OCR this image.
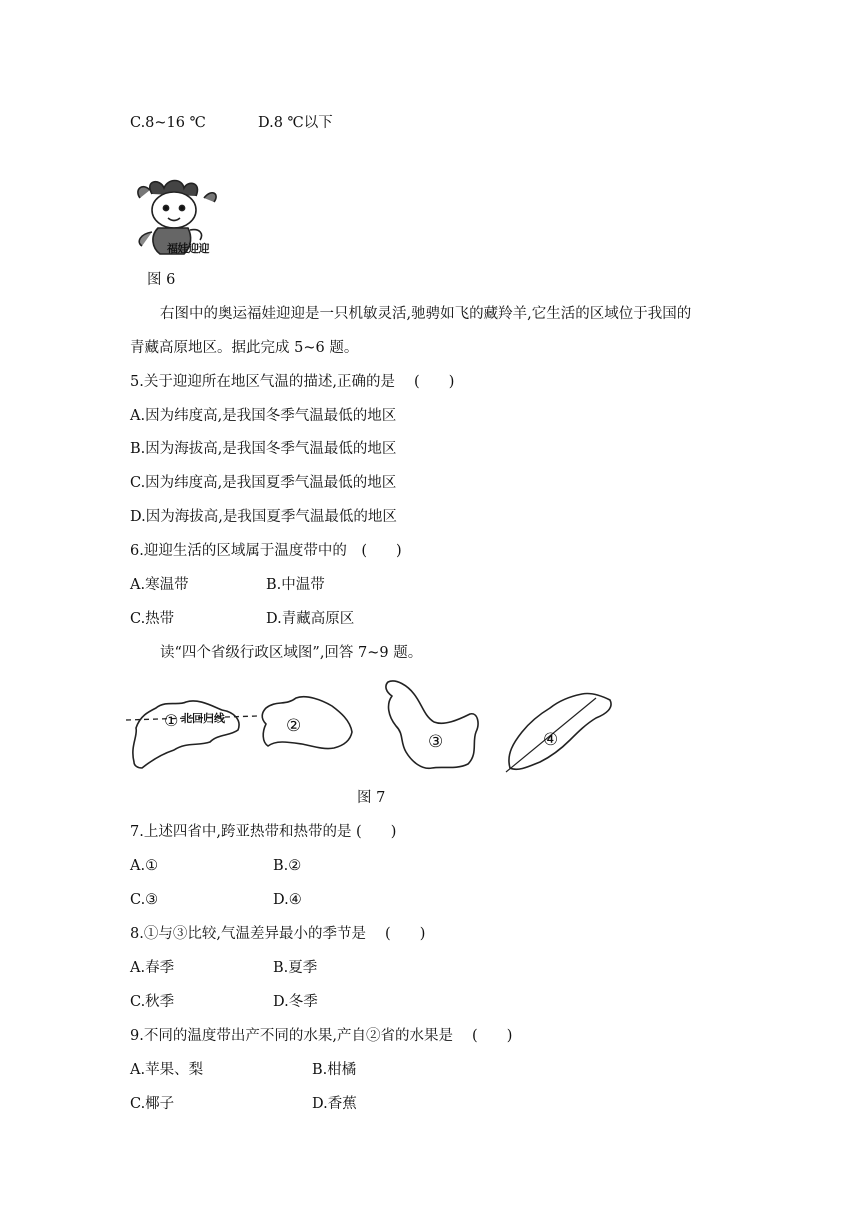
C.8~16 ℃	D.8 ℃以下
福娃迎迎
图 6
右图中的奥运福娃迎迎是一只机敏灵活,驰骋如飞的藏羚羊,它生活的区域位于我国的
青藏高原地区。据此完成 5~6 题。
5.关于迎迎所在地区气温的描述,正确的是　 (　　)
A.因为纬度高,是我国冬季气温最低的地区
B.因为海拔高,是我国冬季气温最低的地区
C.因为纬度高,是我国夏季气温最低的地区
D.因为海拔高,是我国夏季气温最低的地区
6.迎迎生活的区域属于温度带中的　(　　)
A.寒温带	B.中温带
C.热带	D.青藏高原区
读“四个省级行政区域图”,回答 7~9 题。
① 北回归线	②
③	④
图 7
7.上述四省中,跨亚热带和热带的是 (　　)
A.①	B.②
C.③	D.④
8.①与③比较,气温差异最小的季节是　 (　　)
A.春季	B.夏季
C.秋季	D.冬季
9.不同的温度带出产不同的水果,产自②省的水果是　 (　　)
A.苹果、梨	B.柑橘
C.椰子	D.香蕉
